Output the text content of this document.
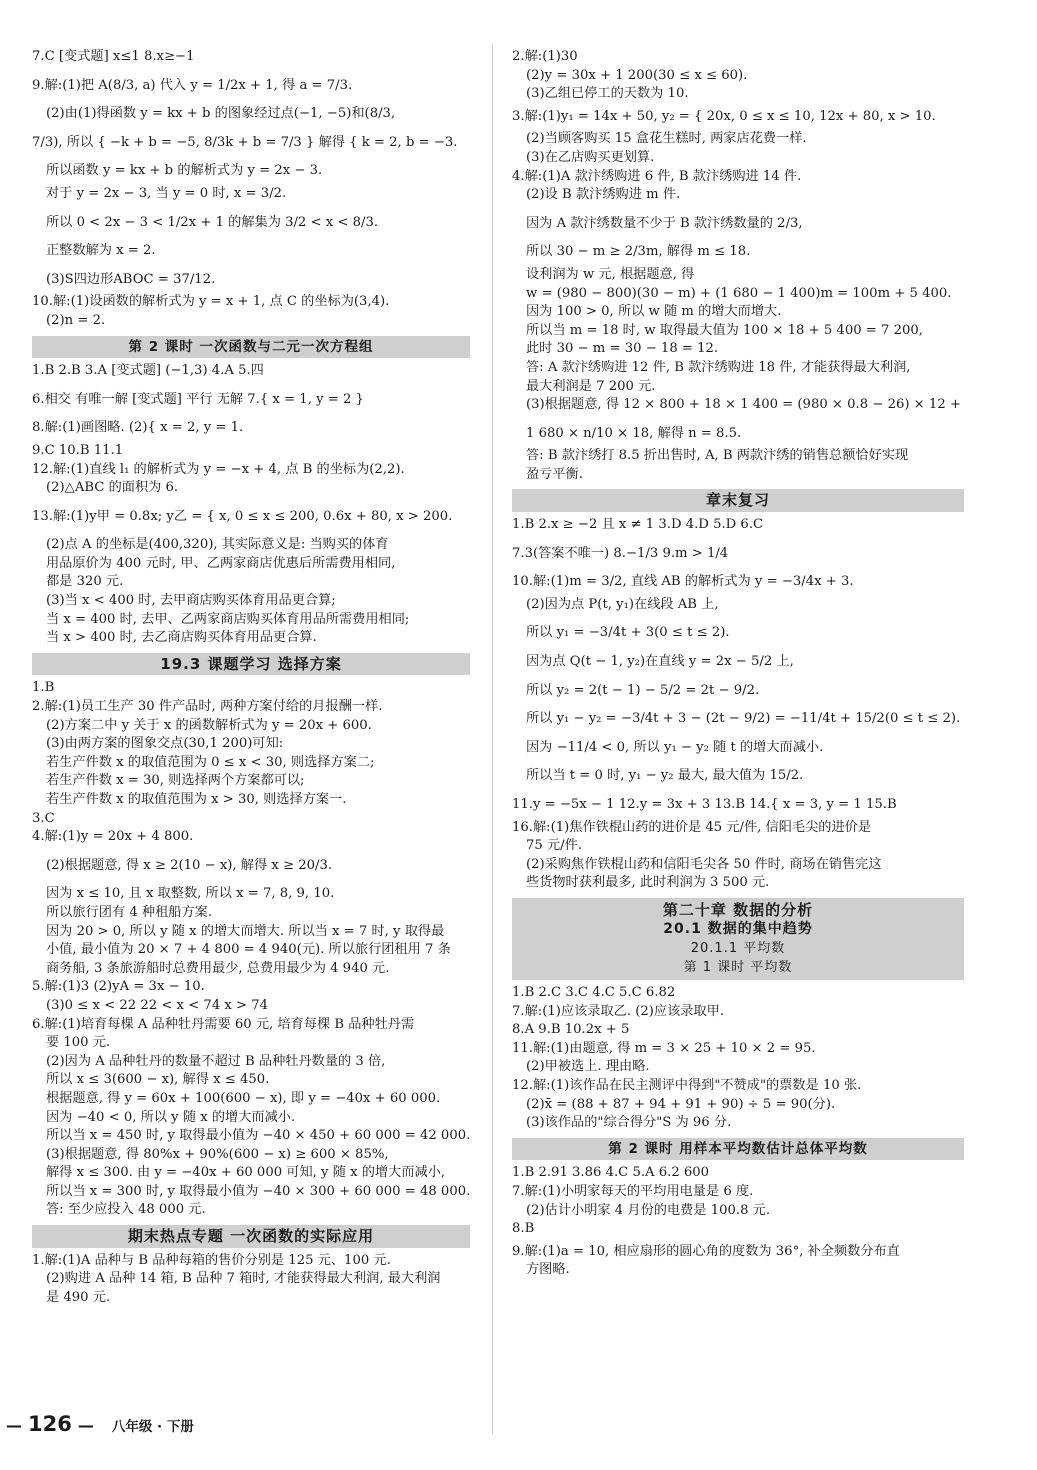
7.C [变式题] x≤1 8.x≥−1
9.解:(1)把 A(8/3, a) 代入 y = 1/2x + 1, 得 a = 7/3.
(2)由(1)得函数 y = kx + b 的图象经过点(−1, −5)和(8/3,
7/3), 所以 { −k + b = −5, 8/3k + b = 7/3 } 解得 { k = 2, b = −3.
所以函数 y = kx + b 的解析式为 y = 2x − 3.
对于 y = 2x − 3, 当 y = 0 时, x = 3/2.
所以 0 < 2x − 3 < 1/2x + 1 的解集为 3/2 < x < 8/3.
正整数解为 x = 2.
(3)S四边形ABOC = 37/12.
10.解:(1)设函数的解析式为 y = x + 1, 点 C 的坐标为(3,4).
(2)n = 2.
第 2 课时 一次函数与二元一次方程组
1.B 2.B 3.A [变式题] (−1,3) 4.A 5.四
6.相交 有唯一解 [变式题] 平行 无解 7.{ x = 1, y = 2 }
8.解:(1)画图略. (2){ x = 2, y = 1.
9.C 10.B 11.1
12.解:(1)直线 l₁ 的解析式为 y = −x + 4, 点 B 的坐标为(2,2).
(2)△ABC 的面积为 6.
13.解:(1)y甲 = 0.8x; y乙 = { x, 0 ≤ x ≤ 200, 0.6x + 80, x > 200.
(2)点 A 的坐标是(400,320), 其实际意义是: 当购买的体育
用品原价为 400 元时, 甲、乙两家商店优惠后所需费用相同,
都是 320 元.
(3)当 x < 400 时, 去甲商店购买体育用品更合算;
当 x = 400 时, 去甲、乙两家商店购买体育用品所需费用相同;
当 x > 400 时, 去乙商店购买体育用品更合算.
19.3 课题学习 选择方案
1.B
2.解:(1)员工生产 30 件产品时, 两种方案付给的月报酬一样.
(2)方案二中 y 关于 x 的函数解析式为 y = 20x + 600.
(3)由两方案的图象交点(30,1 200)可知:
若生产件数 x 的取值范围为 0 ≤ x < 30, 则选择方案二;
若生产件数 x = 30, 则选择两个方案都可以;
若生产件数 x 的取值范围为 x > 30, 则选择方案一.
3.C
4.解:(1)y = 20x + 4 800.
(2)根据题意, 得 x ≥ 2(10 − x), 解得 x ≥ 20/3.
因为 x ≤ 10, 且 x 取整数, 所以 x = 7, 8, 9, 10.
所以旅行团有 4 种租船方案.
因为 20 > 0, 所以 y 随 x 的增大而增大. 所以当 x = 7 时, y 取得最
小值, 最小值为 20 × 7 + 4 800 = 4 940(元). 所以旅行团租用 7 条
商务船, 3 条旅游船时总费用最少, 总费用最少为 4 940 元.
5.解:(1)3 (2)yA = 3x − 10.
(3)0 ≤ x < 22 22 < x < 74 x > 74
6.解:(1)培育每棵 A 品种牡丹需要 60 元, 培育每棵 B 品种牡丹需
要 100 元.
(2)因为 A 品种牡丹的数量不超过 B 品种牡丹数量的 3 倍,
所以 x ≤ 3(600 − x), 解得 x ≤ 450.
根据题意, 得 y = 60x + 100(600 − x), 即 y = −40x + 60 000.
因为 −40 < 0, 所以 y 随 x 的增大而减小.
所以当 x = 450 时, y 取得最小值为 −40 × 450 + 60 000 = 42 000.
(3)根据题意, 得 80%x + 90%(600 − x) ≥ 600 × 85%,
解得 x ≤ 300. 由 y = −40x + 60 000 可知, y 随 x 的增大而减小,
所以当 x = 300 时, y 取得最小值为 −40 × 300 + 60 000 = 48 000.
答: 至少应投入 48 000 元.
期末热点专题 一次函数的实际应用
1.解:(1)A 品种与 B 品种每箱的售价分别是 125 元、100 元.
(2)购进 A 品种 14 箱, B 品种 7 箱时, 才能获得最大利润, 最大利润
是 490 元.
2.解:(1)30
(2)y = 30x + 1 200(30 ≤ x ≤ 60).
(3)乙组已停工的天数为 10.
3.解:(1)y₁ = 14x + 50, y₂ = { 20x, 0 ≤ x ≤ 10, 12x + 80, x > 10.
(2)当顾客购买 15 盒花生糕时, 两家店花费一样.
(3)在乙店购买更划算.
4.解:(1)A 款汴绣购进 6 件, B 款汴绣购进 14 件.
(2)设 B 款汴绣购进 m 件.
因为 A 款汴绣数量不少于 B 款汴绣数量的 2/3,
所以 30 − m ≥ 2/3m, 解得 m ≤ 18.
设利润为 w 元, 根据题意, 得
w = (980 − 800)(30 − m) + (1 680 − 1 400)m = 100m + 5 400.
因为 100 > 0, 所以 w 随 m 的增大而增大.
所以当 m = 18 时, w 取得最大值为 100 × 18 + 5 400 = 7 200,
此时 30 − m = 30 − 18 = 12.
答: A 款汴绣购进 12 件, B 款汴绣购进 18 件, 才能获得最大利润,
最大利润是 7 200 元.
(3)根据题意, 得 12 × 800 + 18 × 1 400 = (980 × 0.8 − 26) × 12 +
1 680 × n/10 × 18, 解得 n = 8.5.
答: B 款汴绣打 8.5 折出售时, A, B 两款汴绣的销售总额恰好实现
盈亏平衡.
章末复习
1.B 2.x ≥ −2 且 x ≠ 1 3.D 4.D 5.D 6.C
7.3(答案不唯一) 8.−1/3 9.m > 1/4
10.解:(1)m = 3/2, 直线 AB 的解析式为 y = −3/4x + 3.
(2)因为点 P(t, y₁)在线段 AB 上,
所以 y₁ = −3/4t + 3(0 ≤ t ≤ 2).
因为点 Q(t − 1, y₂)在直线 y = 2x − 5/2 上,
所以 y₂ = 2(t − 1) − 5/2 = 2t − 9/2.
所以 y₁ − y₂ = −3/4t + 3 − (2t − 9/2) = −11/4t + 15/2(0 ≤ t ≤ 2).
因为 −11/4 < 0, 所以 y₁ − y₂ 随 t 的增大而减小.
所以当 t = 0 时, y₁ − y₂ 最大, 最大值为 15/2.
11.y = −5x − 1 12.y = 3x + 3 13.B 14.{ x = 3, y = 1 15.B
16.解:(1)焦作铁棍山药的进价是 45 元/件, 信阳毛尖的进价是
75 元/件.
(2)采购焦作铁棍山药和信阳毛尖各 50 件时, 商场在销售完这
些货物时获利最多, 此时利润为 3 500 元.
第二十章 数据的分析
20.1 数据的集中趋势
20.1.1 平均数
第 1 课时 平均数
1.B 2.C 3.C 4.C 5.C 6.82
7.解:(1)应该录取乙. (2)应该录取甲.
8.A 9.B 10.2x + 5
11.解:(1)由题意, 得 m = 3 × 25 + 10 × 2 = 95.
(2)甲被选上. 理由略.
12.解:(1)该作品在民主测评中得到"不赞成"的票数是 10 张.
(2)x̄ = (88 + 87 + 94 + 91 + 90) ÷ 5 = 90(分).
(3)该作品的"综合得分"S 为 96 分.
第 2 课时 用样本平均数估计总体平均数
1.B 2.91 3.86 4.C 5.A 6.2 600
7.解:(1)小明家每天的平均用电量是 6 度.
(2)估计小明家 4 月份的电费是 100.8 元.
8.B
9.解:(1)a = 10, 相应扇形的圆心角的度数为 36°, 补全频数分布直
方图略.
— 126 — 八年级 · 下册
